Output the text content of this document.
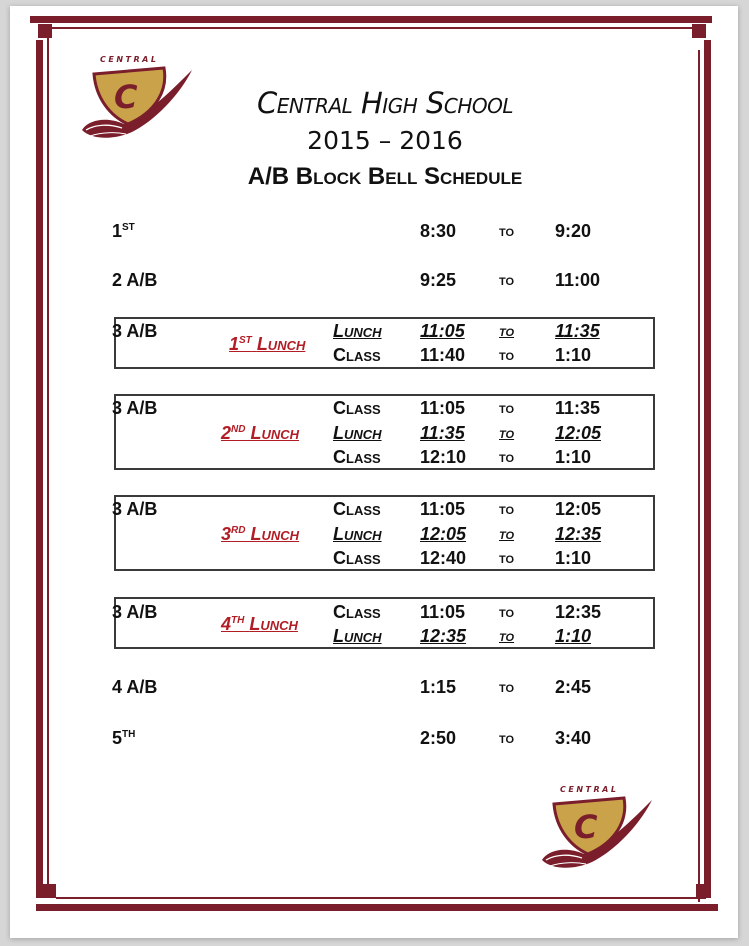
CENTRAL
C
CENTRAL
C
Central High School
2015 – 2016
A/B Block Bell Schedule
1ST	8:30	to 9:20
2 A/B	9:25	to 11:00
3 A/B
1ST Lunch
Lunch 11:05 to 11:35
Class 11:40 to 1:10
3 A/B
2ND Lunch
Class 11:05 to 11:35
Lunch 11:35 to 12:05
Class 12:10 to 1:10
3 A/B
3RD Lunch
Class 11:05 to 12:05
Lunch 12:05 to 12:35
Class 12:40 to 1:10
3 A/B
4TH Lunch
Class 11:05 to 12:35
Lunch 12:35 to 1:10
4 A/B	1:15	to 2:45
5TH	2:50	to 3:40
